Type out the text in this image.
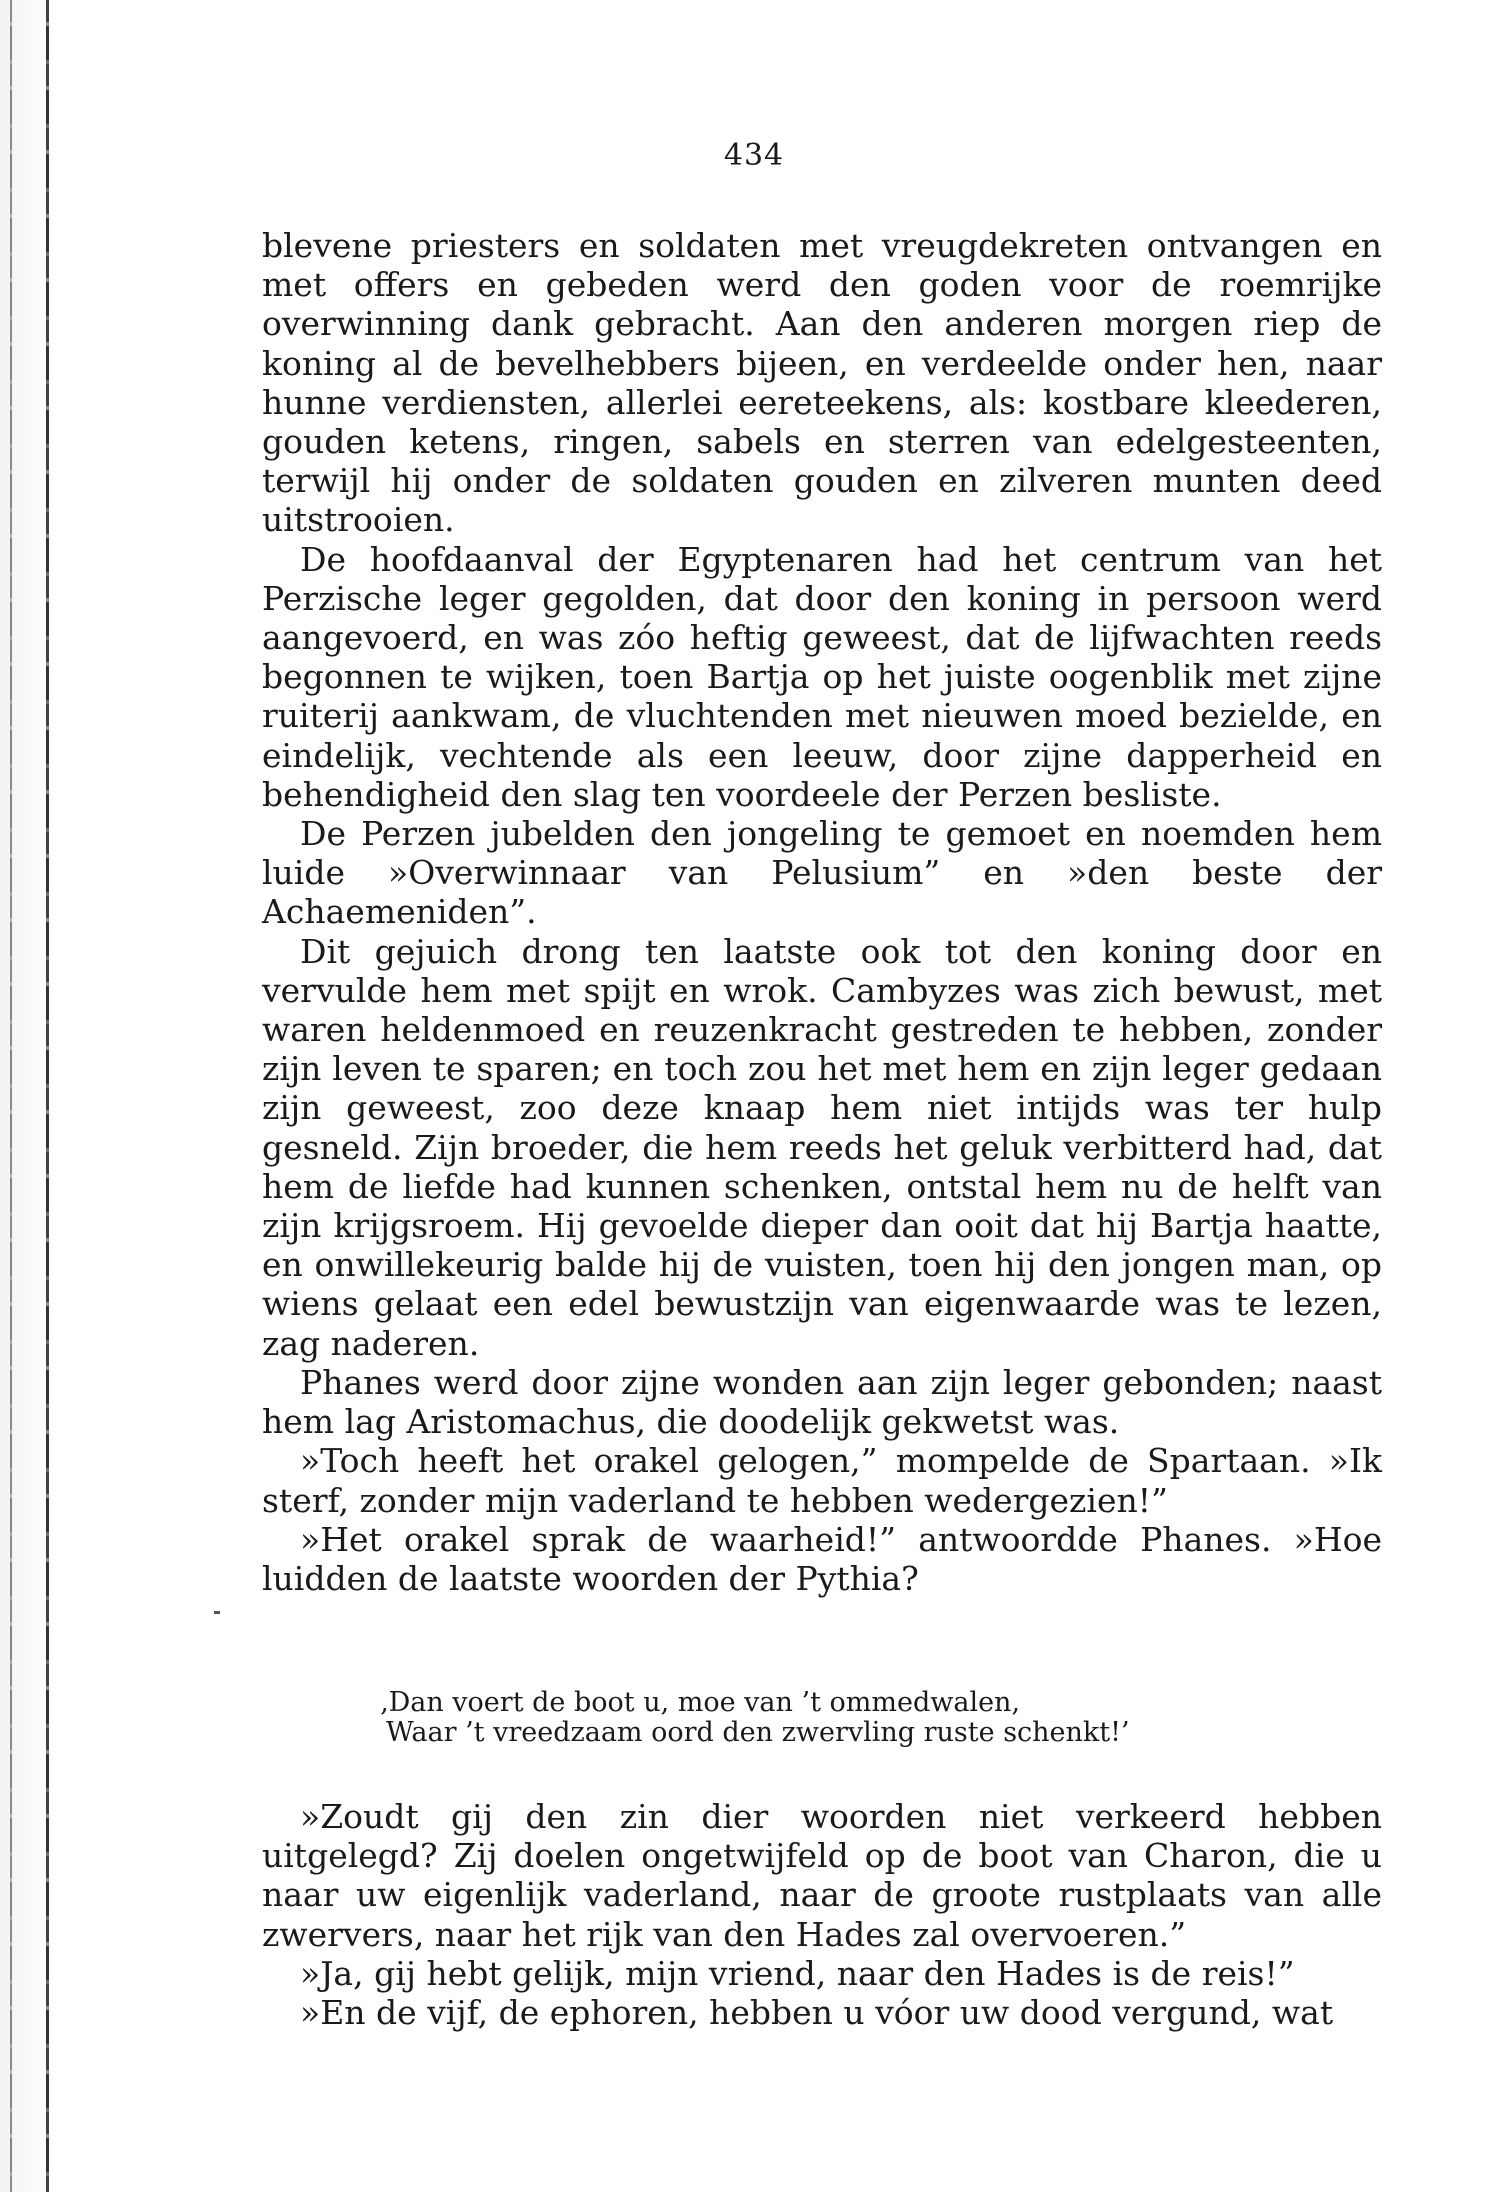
434

blevene priesters en soldaten met vreugdekreten ontvangen en met offers en gebeden werd den goden voor de roemrijke overwinning dank gebracht. Aan den anderen morgen riep de koning al de bevelhebbers bijeen, en verdeelde onder hen, naar hunne verdiensten, allerlei eereteekens, als: kostbare kleederen, gouden ketens, ringen, sabels en sterren van edelgesteenten, terwijl hij onder de soldaten gouden en zilveren munten deed uitstrooien.

De hoofdaanval der Egyptenaren had het centrum van het Perzische leger gegolden, dat door den koning in persoon werd aangevoerd, en was zóo heftig geweest, dat de lijfwachten reeds begonnen te wijken, toen Bartja op het juiste oogenblik met zijne ruiterij aankwam, de vluchtenden met nieuwen moed bezielde, en eindelijk, vechtende als een leeuw, door zijne dapperheid en behendigheid den slag ten voordeele der Perzen besliste.

De Perzen jubelden den jongeling te gemoet en noemden hem luide »Overwinnaar van Pelusium” en »den beste der Achaemeniden”.

Dit gejuich drong ten laatste ook tot den koning door en vervulde hem met spijt en wrok. Cambyzes was zich bewust, met waren heldenmoed en reuzenkracht gestreden te hebben, zonder zijn leven te sparen; en toch zou het met hem en zijn leger gedaan zijn geweest, zoo deze knaap hem niet intijds was ter hulp gesneld. Zijn broeder, die hem reeds het geluk verbitterd had, dat hem de liefde had kunnen schenken, ontstal hem nu de helft van zijn krijgsroem. Hij gevoelde dieper dan ooit dat hij Bartja haatte, en onwillekeurig balde hij de vuisten, toen hij den jongen man, op wiens gelaat een edel bewustzijn van eigenwaarde was te lezen, zag naderen.

Phanes werd door zijne wonden aan zijn leger gebonden; naast hem lag Aristomachus, die doodelijk gekwetst was.

»Toch heeft het orakel gelogen,” mompelde de Spartaan. »Ik sterf, zonder mijn vaderland te hebben wedergezien!”

»Het orakel sprak de waarheid!” antwoordde Phanes. »Hoe luidden de laatste woorden der Pythia?

‚Dan voert de boot u, moe van ’t ommedwalen,
Waar ’t vreedzaam oord den zwervling ruste schenkt!’

»Zoudt gij den zin dier woorden niet verkeerd hebben uitgelegd? Zij doelen ongetwijfeld op de boot van Charon, die u naar uw eigenlijk vaderland, naar de groote rustplaats van alle zwervers, naar het rijk van den Hades zal overvoeren.”

»Ja, gij hebt gelijk, mijn vriend, naar den Hades is de reis!”

»En de vijf, de ephoren, hebben u vóor uw dood vergund, wat
